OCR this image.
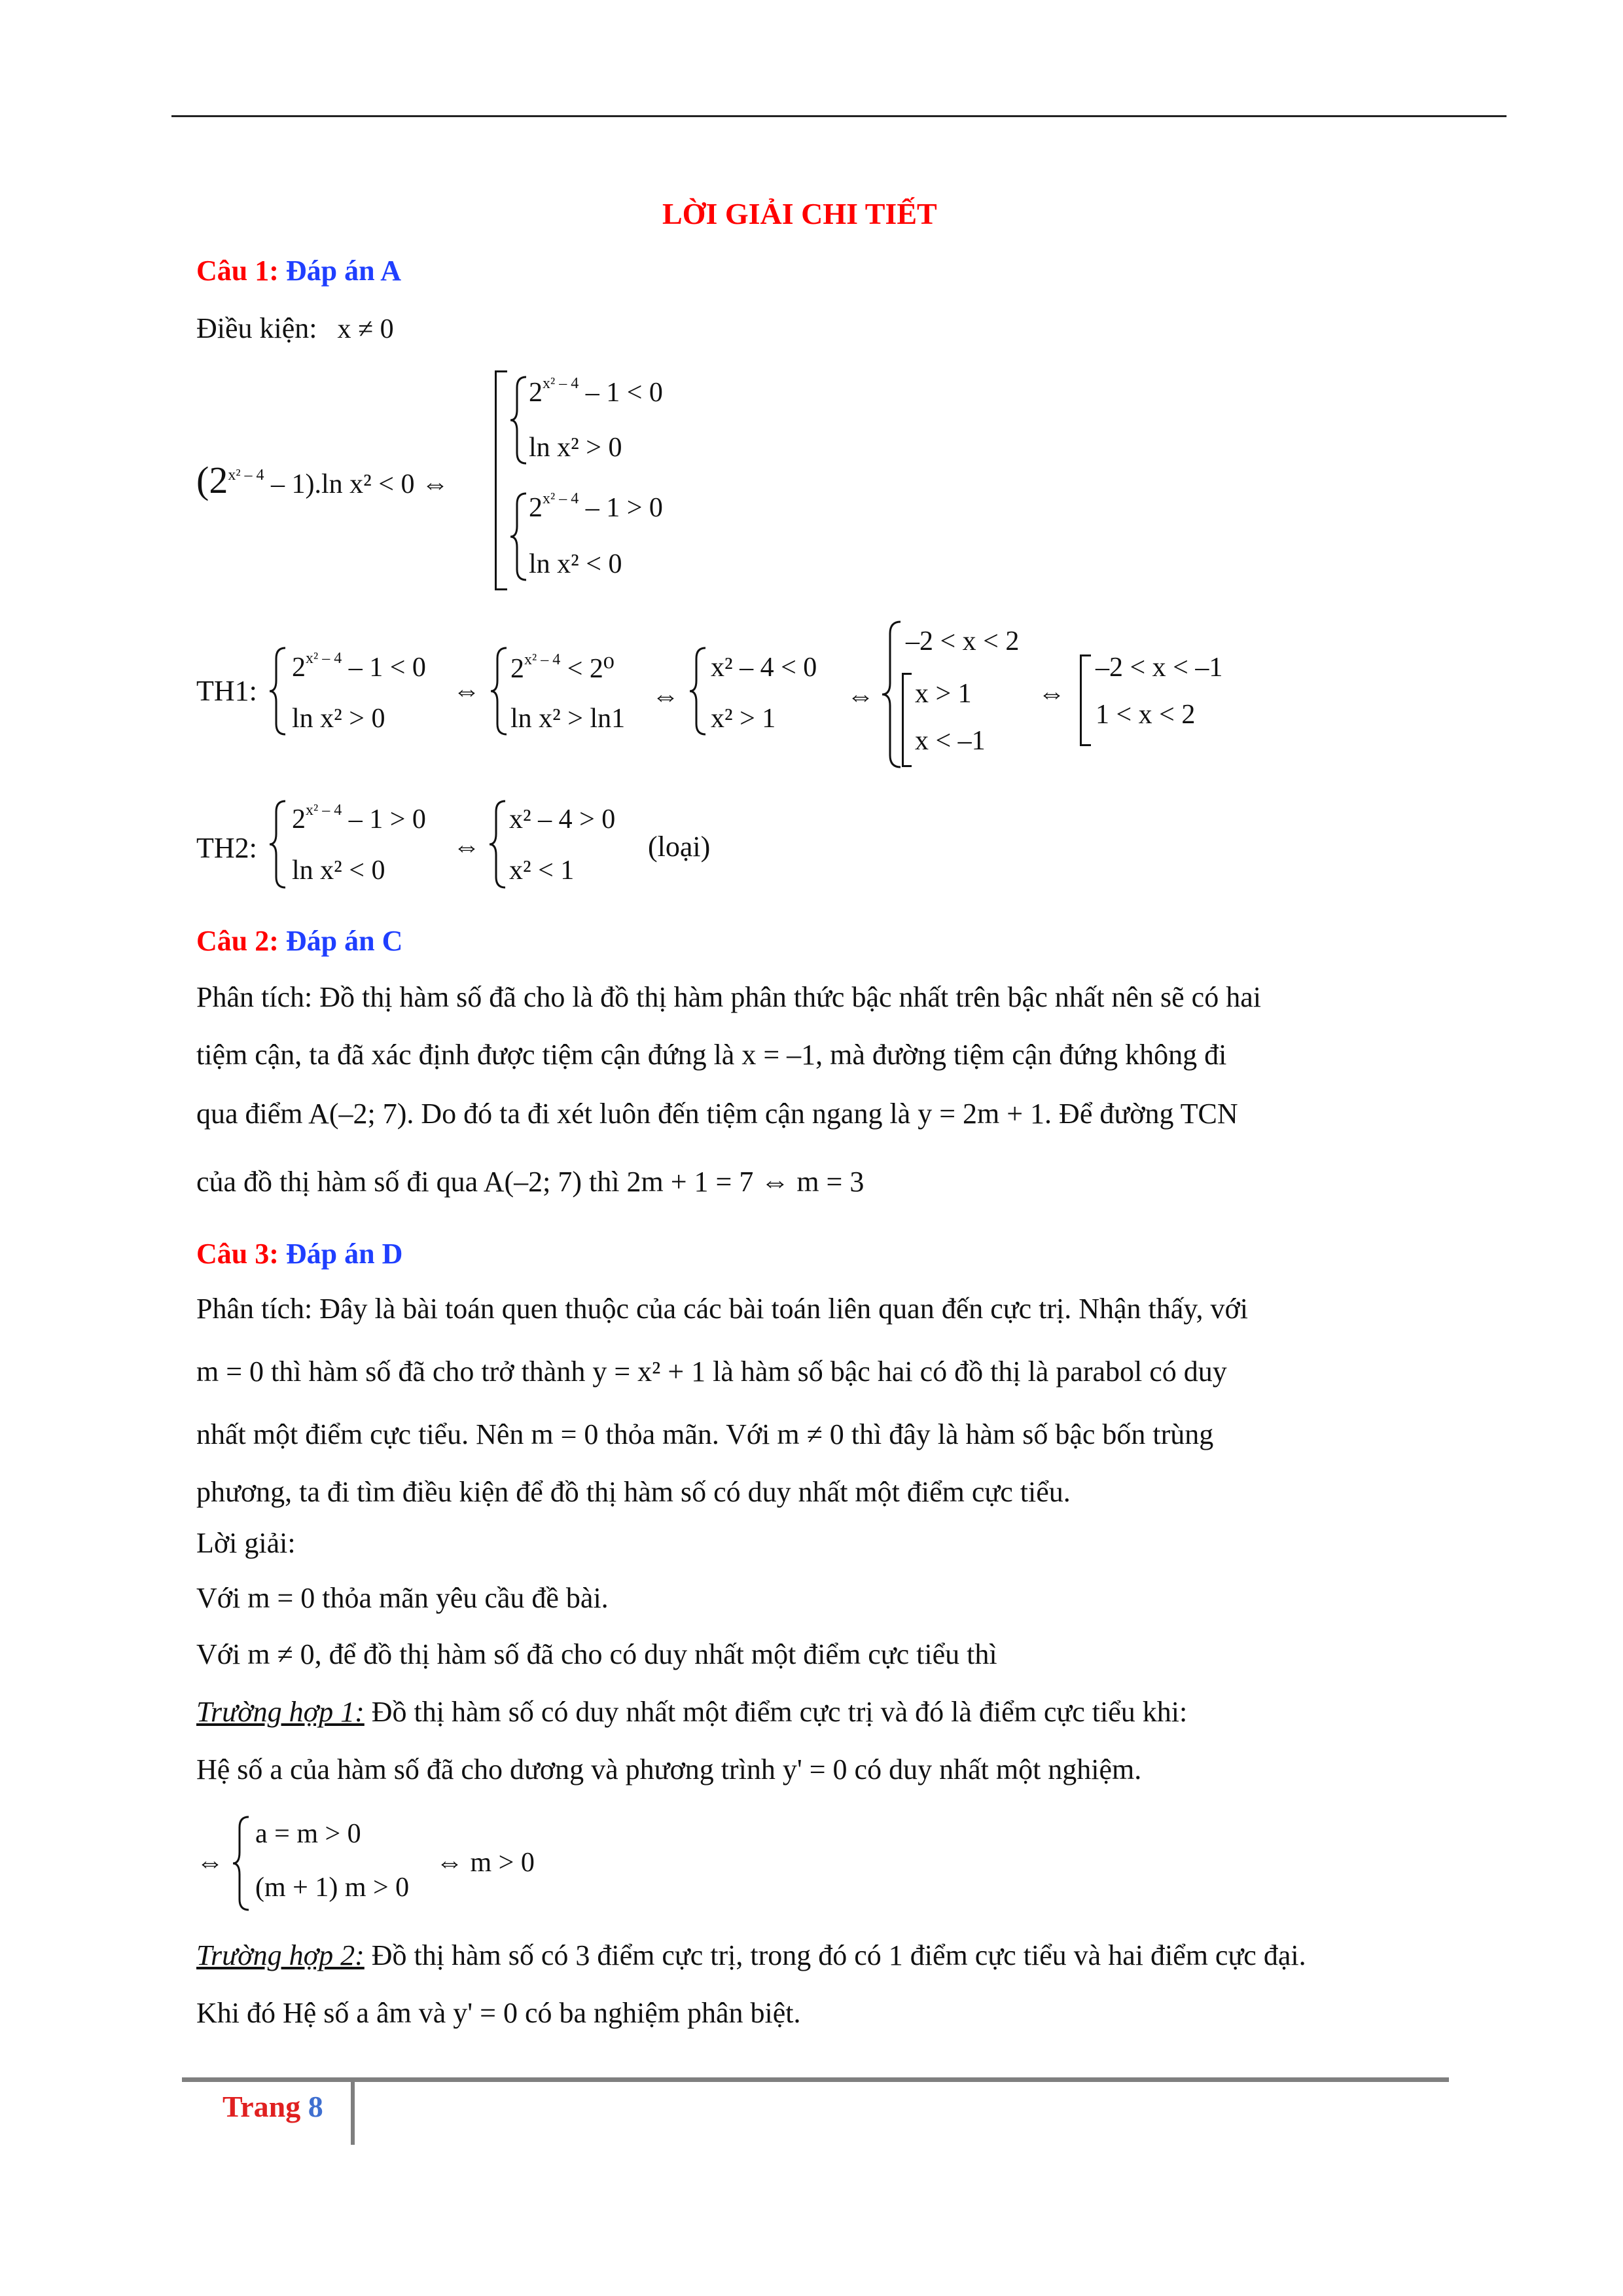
LỜI GIẢI CHI TIẾT
Câu 1: Đáp án A
Điều kiện: x ≠ 0
$(2^{x^2 - 4} - 1).\ln$ x² < 0 ⇔
$2^{x^2 - 4} - 1 < 0$
ln x² > 0
$2^{x^2 - 4} - 1 > 0$
ln x² < 0
TH1:
$2^{x^2 - 4} - 1 < 0$
ln x² > 0
⇔
$2^{x^2 - 4} < 2^0$
ln x² > ln1
⇔
x² – 4 < 0
x² > 1
⇔
–2 < x < 2
x > 1
x < –1
⇔
–2 < x < –1
1 < x < 2
TH2:
$2^{x^2 - 4} - 1 > 0$
ln x² < 0
⇔
x² – 4 > 0
x² < 1
(loại)
Câu 2: Đáp án C
Phân tích: Đồ thị hàm số đã cho là đồ thị hàm phân thức bậc nhất trên bậc nhất nên sẽ có hai
tiệm cận, ta đã xác định được tiệm cận đứng là x = –1, mà đường tiệm cận đứng không đi
qua điểm A(–2; 7). Do đó ta đi xét luôn đến tiệm cận ngang là y = 2m + 1. Để đường TCN
của đồ thị hàm số đi qua A(–2; 7) thì 2m + 1 = 7 ⇔ m = 3
Câu 3: Đáp án D
Phân tích: Đây là bài toán quen thuộc của các bài toán liên quan đến cực trị. Nhận thấy, với
m = 0 thì hàm số đã cho trở thành y = x² + 1 là hàm số bậc hai có đồ thị là parabol có duy
nhất một điểm cực tiểu. Nên m = 0 thỏa mãn. Với m ≠ 0 thì đây là hàm số bậc bốn trùng
phương, ta đi tìm điều kiện để đồ thị hàm số có duy nhất một điểm cực tiểu.
Lời giải:
Với m = 0 thỏa mãn yêu cầu đề bài.
Với m ≠ 0, để đồ thị hàm số đã cho có duy nhất một điểm cực tiểu thì
Trường hợp 1: Đồ thị hàm số có duy nhất một điểm cực trị và đó là điểm cực tiểu khi:
Hệ số a của hàm số đã cho dương và phương trình y' = 0 có duy nhất một nghiệm.
⇔
a = m > 0
(m + 1) m > 0
⇔ m > 0
Trường hợp 2: Đồ thị hàm số có 3 điểm cực trị, trong đó có 1 điểm cực tiểu và hai điểm cực đại.
Khi đó Hệ số a âm và y' = 0 có ba nghiệm phân biệt.
Trang 8
